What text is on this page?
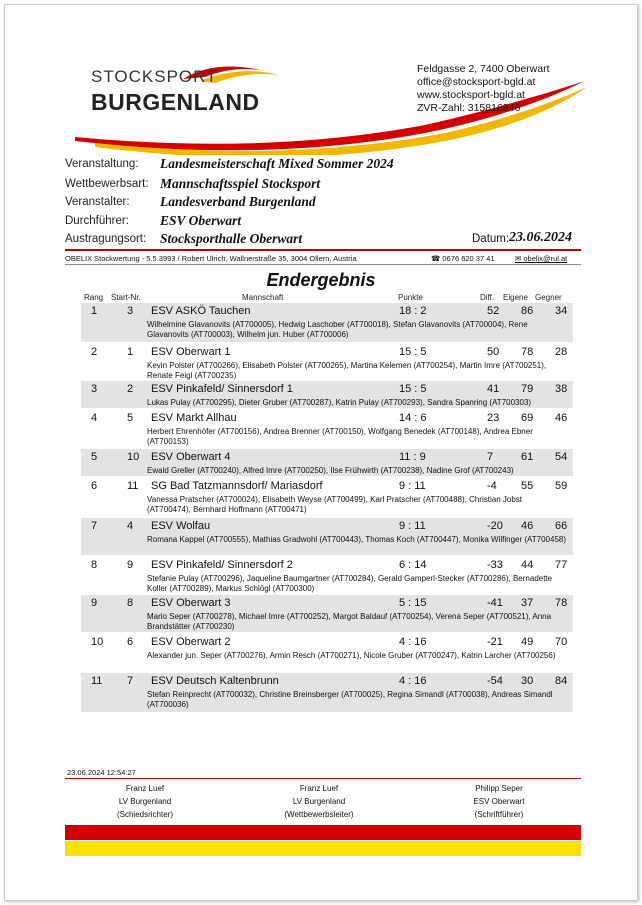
STOCKSPORT
BURGENLAND
Feldgasse 2, 7400 Oberwart
office@stocksport-bgld.at
www.stocksport-bgld.at
ZVR-Zahl: 315816946
Veranstaltung: Landesmeisterschaft Mixed Sommer 2024
Wettbewerbsart: Mannschaftsspiel Stocksport
Veranstalter: Landesverband Burgenland
Durchführer: ESV Oberwart
Austragungsort: Stocksporthalle Oberwart	Datum: 23.06.2024
OBELIX Stockwertung - 5.5.3993 / Robert Ulrich, Wallnerstraße 35, 3004 Ollern, Austria	☎ 0676 620 37 41	✉ obelix@rul.at
Endergebnis
Rang Start-Nr.	Mannschaft	Punkte	Diff. Eigene Gegner
1	3 ESV ASKÖ Tauchen	18 : 2	52 86 34
Wilhelmine Glavanovits (AT700005), Hedwig Laschober (AT700018), Stefan Glavanovits (AT700004), Rene Glavanovits (AT700003), Wilhelm jun. Huber (AT700006)
2	1 ESV Oberwart 1	15 : 5	50 78 28
Kevin Polster (AT700266), Elisabeth Polster (AT700265), Martina Kelemen (AT700254), Martin Imre (AT700251), Renate Feigl (AT700235)
3	2 ESV Pinkafeld/ Sinnersdorf 1	15 : 5	41 79 38
Lukas Pulay (AT700295), Dieter Gruber (AT700287), Katrin Pulay (AT700293), Sandra Spanring (AT700303)
4	5 ESV Markt Allhau	14 : 6	23 69 46
Herbert Ehrenhöfer (AT700156), Andrea Brenner (AT700150), Wolfgang Benedek (AT700148), Andrea Ebner (AT700153)
5	10 ESV Oberwart 4	11 : 9	7	61 54
Ewald Greller (AT700240), Alfred Imre (AT700250), Ilse Frühwirth (AT700238), Nadine Grof (AT700243)
6	11 SG Bad Tatzmannsdorf/ Mariasdorf	9 : 11	-4 55 59
Vanessa Pratscher (AT700024), Elisabeth Weyse (AT700499), Karl Pratscher (AT700488), Christian Jobst (AT700474), Bernhard Hoffmann (AT700471)
7	4 ESV Wolfau	9 : 11	-20 46 66
Romana Kappel (AT700555), Mathias Gradwohl (AT700443), Thomas Koch (AT700447), Monika Wilfinger (AT700458)
8	9 ESV Pinkafeld/ Sinnersdorf 2	6 : 14	-33 44 77
Stefanie Pulay (AT700296), Jaqueline Baumgartner (AT700284), Gerald Gamperl-Stecker (AT700286), Bernadette Koller (AT700289), Markus Schlögl (AT700300)
9	8 ESV Oberwart 3	5 : 15	-41 37 78
Mario Seper (AT700278), Michael Imre (AT700252), Margot Baldauf (AT700254), Verena Seper (AT700521), Anna Brandstätter (AT700230)
10 6 ESV Oberwart 2	4 : 16	-21 49 70
Alexander jun. Seper (AT700276), Armin Resch (AT700271), Nicole Gruber (AT700247), Katrin Larcher (AT700256)
11 7 ESV Deutsch Kaltenbrunn	4 : 16	-54 30 84
Stefan Reinprecht (AT700032), Christine Breinsberger (AT700025), Regina Simandl (AT700038), Andreas Simandl (AT700036)
23.06.2024 12:54:27
Franz Luef
LV Burgenland
(Schiedsrichter)
Franz Luef
LV Burgenland
(Wettbewerbsleiter)
Philipp Seper
ESV Oberwart
(Schriftführer)
